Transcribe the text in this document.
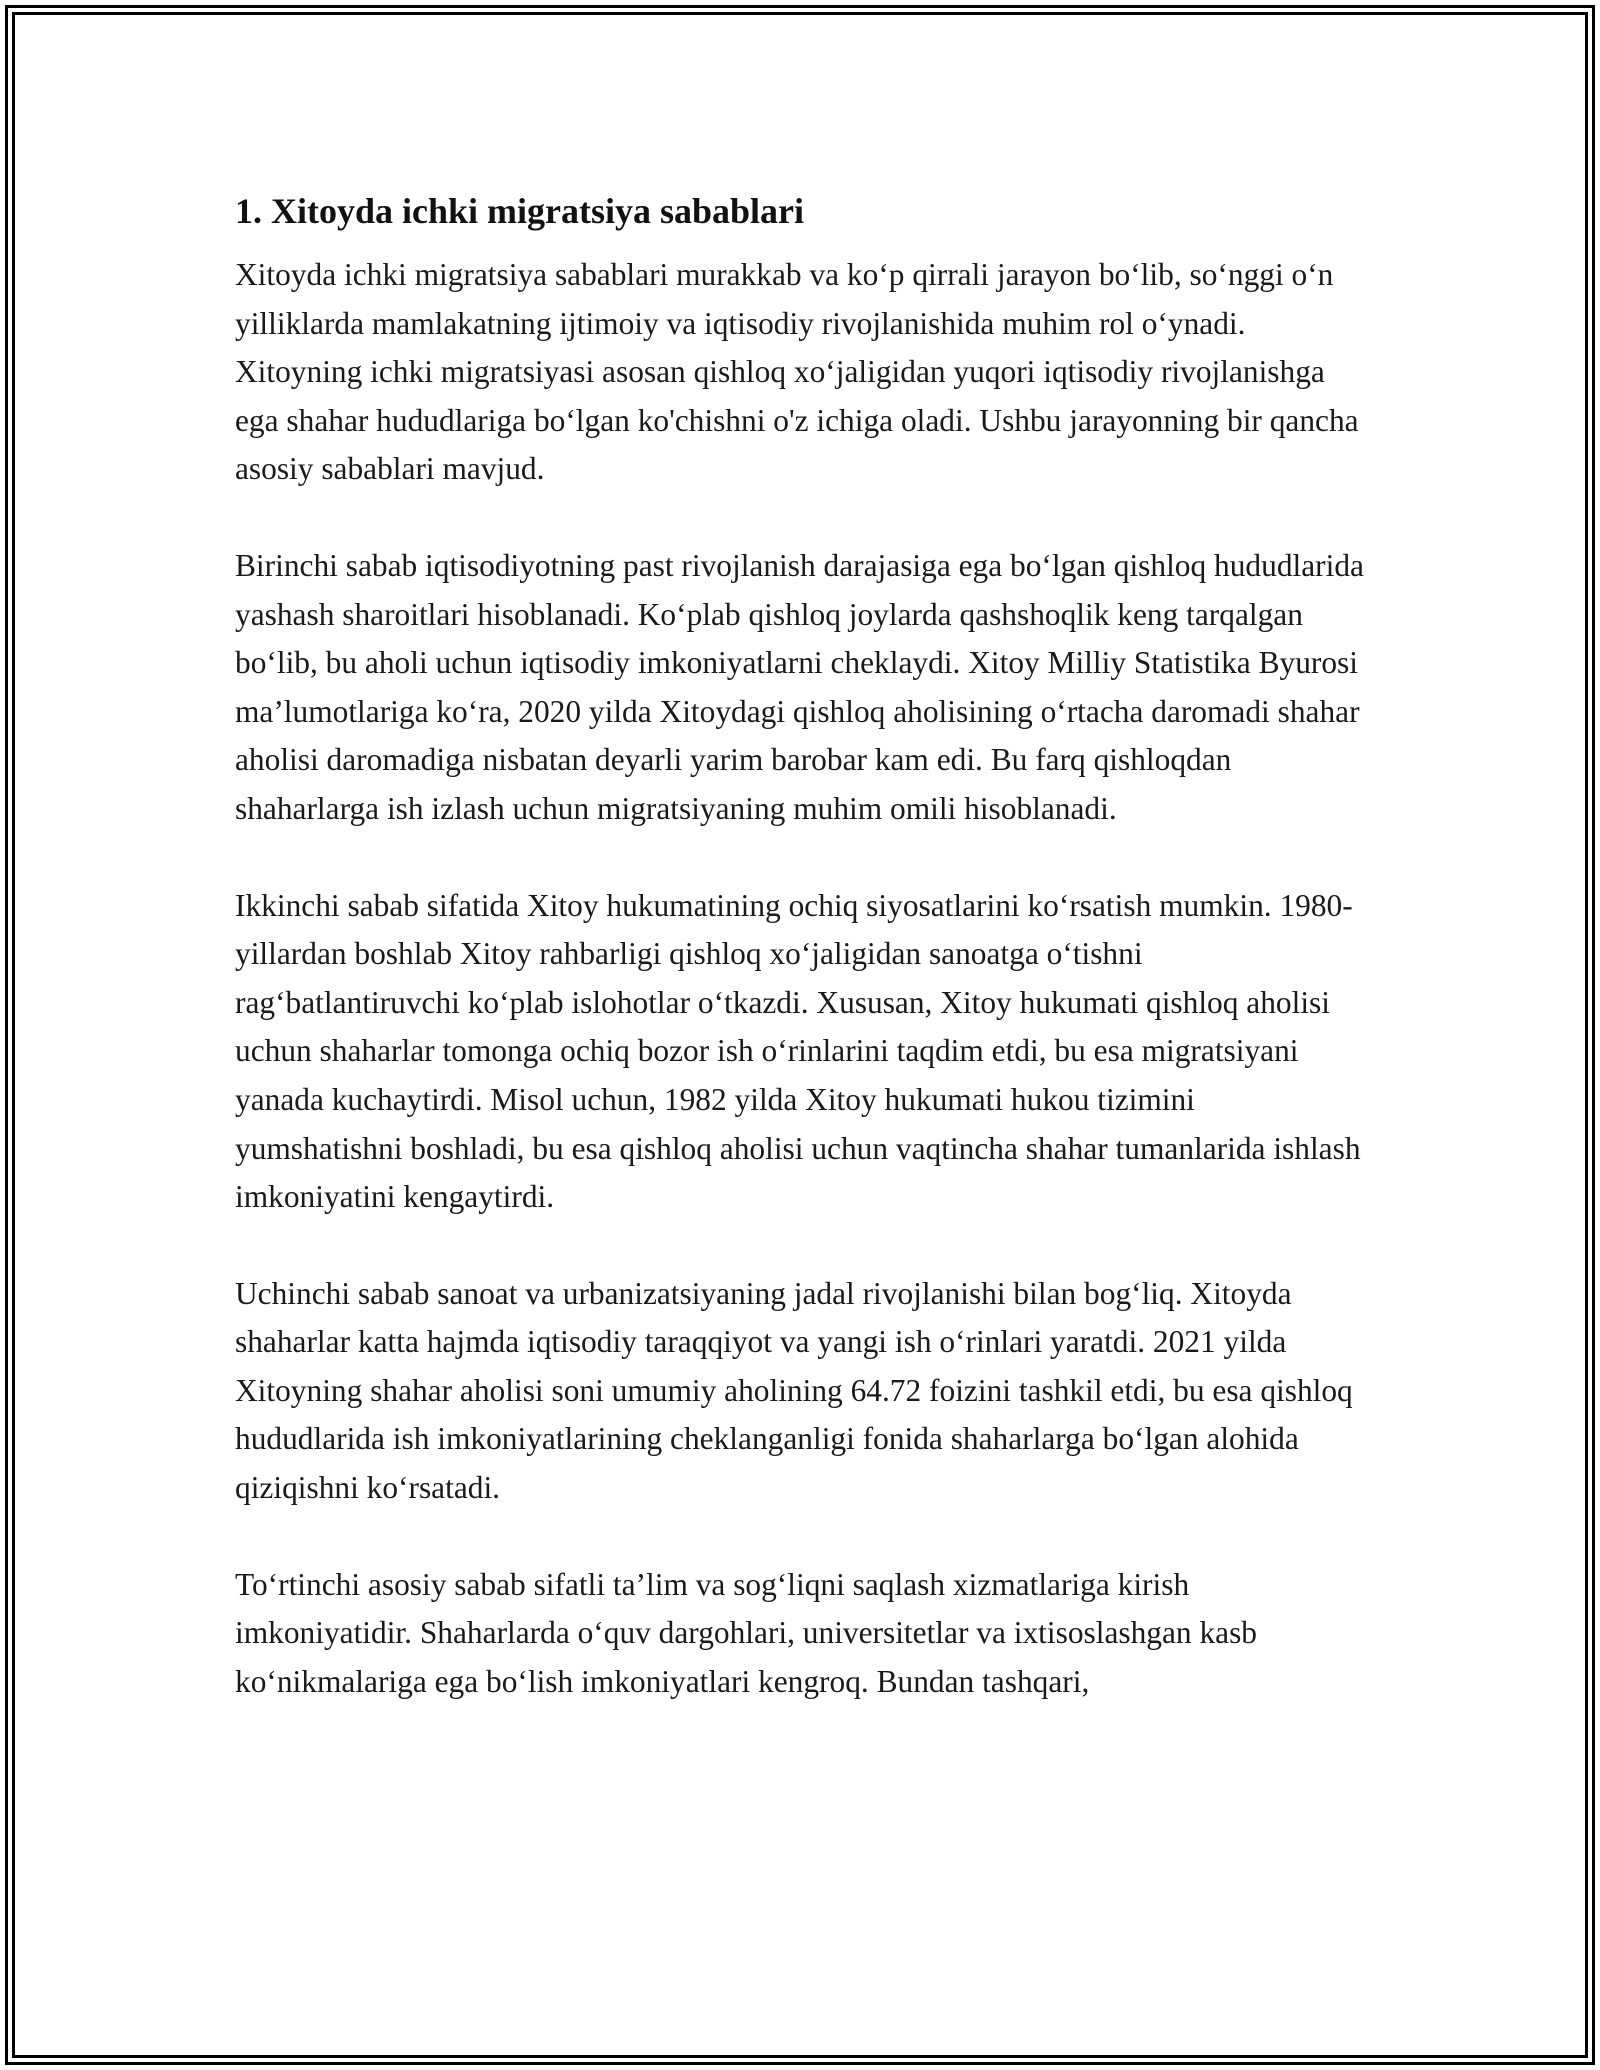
1. Xitoyda ichki migratsiya sabablari

Xitoyda ichki migratsiya sabablari murakkab va ko‘p qirrali jarayon bo‘lib, so‘nggi o‘n yilliklarda mamlakatning ijtimoiy va iqtisodiy rivojlanishida muhim rol o‘ynadi. Xitoyning ichki migratsiyasi asosan qishloq xo‘jaligidan yuqori iqtisodiy rivojlanishga ega shahar hududlariga bo‘lgan ko'chishni o'z ichiga oladi. Ushbu jarayonning bir qancha asosiy sabablari mavjud.

Birinchi sabab iqtisodiyotning past rivojlanish darajasiga ega bo‘lgan qishloq hududlarida yashash sharoitlari hisoblanadi. Ko‘plab qishloq joylarda qashshoqlik keng tarqalgan bo‘lib, bu aholi uchun iqtisodiy imkoniyatlarni cheklaydi. Xitoy Milliy Statistika Byurosi ma’lumotlariga ko‘ra, 2020 yilda Xitoydagi qishloq aholisining o‘rtacha daromadi shahar aholisi daromadiga nisbatan deyarli yarim barobar kam edi. Bu farq qishloqdan shaharlarga ish izlash uchun migratsiyaning muhim omili hisoblanadi.

Ikkinchi sabab sifatida Xitoy hukumatining ochiq siyosatlarini ko‘rsatish mumkin. 1980-yillardan boshlab Xitoy rahbarligi qishloq xo‘jaligidan sanoatga o‘tishni rag‘batlantiruvchi ko‘plab islohotlar o‘tkazdi. Xususan, Xitoy hukumati qishloq aholisi uchun shaharlar tomonga ochiq bozor ish o‘rinlarini taqdim etdi, bu esa migratsiyani yanada kuchaytirdi. Misol uchun, 1982 yilda Xitoy hukumati hukou tizimini yumshatishni boshladi, bu esa qishloq aholisi uchun vaqtincha shahar tumanlarida ishlash imkoniyatini kengaytirdi.

Uchinchi sabab sanoat va urbanizatsiyaning jadal rivojlanishi bilan bog‘liq. Xitoyda shaharlar katta hajmda iqtisodiy taraqqiyot va yangi ish o‘rinlari yaratdi. 2021 yilda Xitoyning shahar aholisi soni umumiy aholining 64.72 foizini tashkil etdi, bu esa qishloq hududlarida ish imkoniyatlarining cheklanganligi fonida shaharlarga bo‘lgan alohida qiziqishni ko‘rsatadi.

To‘rtinchi asosiy sabab sifatli ta’lim va sog‘liqni saqlash xizmatlariga kirish imkoniyatidir. Shaharlarda o‘quv dargohlari, universitetlar va ixtisoslashgan kasb ko‘nikmalariga ega bo‘lish imkoniyatlari kengroq. Bundan tashqari,
